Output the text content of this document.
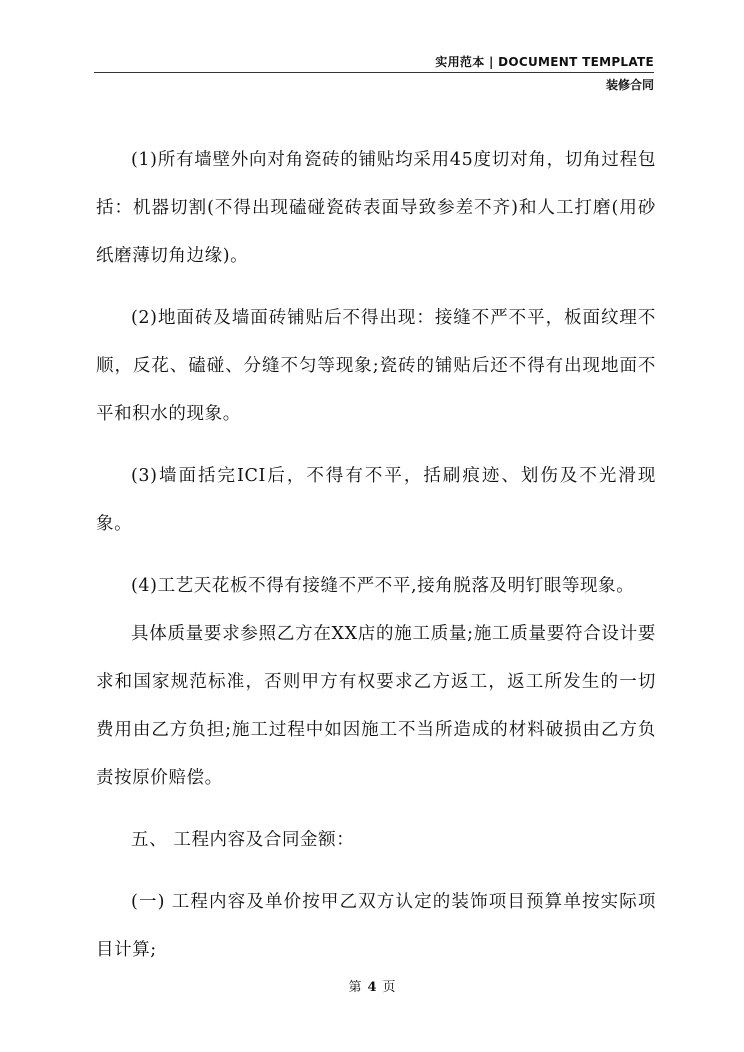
实用范本 | DOCUMENT TEMPLATE
装修合同

(1)所有墙壁外向对角瓷砖的铺贴均采用45度切对角，切角过程包括：机器切割(不得出现磕碰瓷砖表面导致参差不齐)和人工打磨(用砂纸磨薄切角边缘)。

(2)地面砖及墙面砖铺贴后不得出现：接缝不严不平，板面纹理不顺，反花、磕碰、分缝不匀等现象;瓷砖的铺贴后还不得有出现地面不平和积水的现象。

(3)墙面括完ICI后，不得有不平，括刷痕迹、划伤及不光滑现象。

(4)工艺天花板不得有接缝不严不平,接角脱落及明钉眼等现象。

具体质量要求参照乙方在XX店的施工质量;施工质量要符合设计要求和国家规范标准，否则甲方有权要求乙方返工，返工所发生的一切费用由乙方负担;施工过程中如因施工不当所造成的材料破损由乙方负责按原价赔偿。

五、 工程内容及合同金额：

(一) 工程内容及单价按甲乙双方认定的装饰项目预算单按实际项目计算;

第 4 页
